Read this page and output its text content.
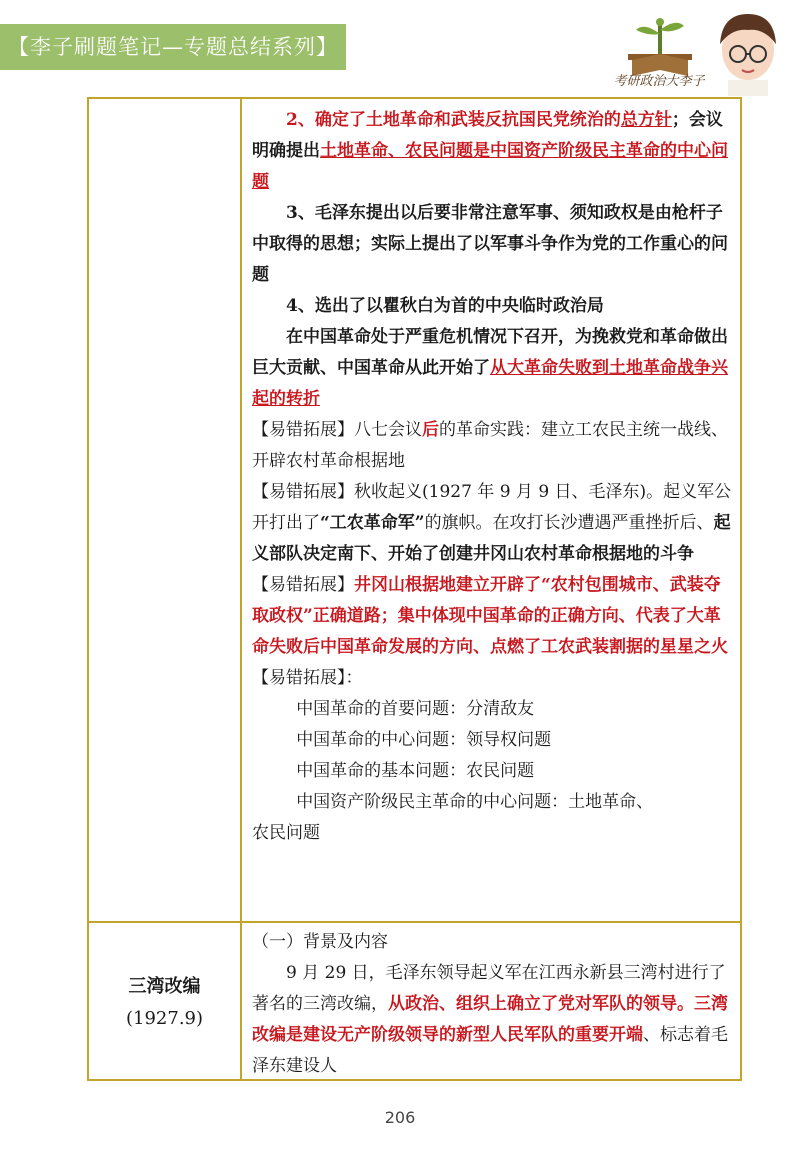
【李子刷题笔记—专题总结系列】
考研政治大李子

2、确定了土地革命和武装反抗国民党统治的总方针；会议明确提出土地革命、农民问题是中国资产阶级民主革命的中心问题

3、毛泽东提出以后要非常注意军事、须知政权是由枪杆子中取得的思想；实际上提出了以军事斗争作为党的工作重心的问题

4、选出了以瞿秋白为首的中央临时政治局

在中国革命处于严重危机情况下召开，为挽救党和革命做出巨大贡献、中国革命从此开始了从大革命失败到土地革命战争兴起的转折

【易错拓展】八七会议后的革命实践：建立工农民主统一战线、开辟农村革命根据地

【易错拓展】秋收起义(1927 年 9 月 9 日、毛泽东)。起义军公开打出了“工农革命军”的旗帜。在攻打长沙遭遇严重挫折后、起义部队决定南下、开始了创建井冈山农村革命根据地的斗争

【易错拓展】井冈山根据地建立开辟了“农村包围城市、武装夺取政权”正确道路；集中体现中国革命的正确方向、代表了大革命失败后中国革命发展的方向、点燃了工农武装割据的星星之火

【易错拓展】：

中国革命的首要问题：分清敌友

中国革命的中心问题：领导权问题

中国革命的基本问题：农民问题

中国资产阶级民主革命的中心问题：土地革命、

农民问题

三湾改编
(1927.9)

（一）背景及内容

9 月 29 日，毛泽东领导起义军在江西永新县三湾村进行了著名的三湾改编，从政治、组织上确立了党对军队的领导。三湾改编是建设无产阶级领导的新型人民军队的重要开端、标志着毛泽东建设人

206
